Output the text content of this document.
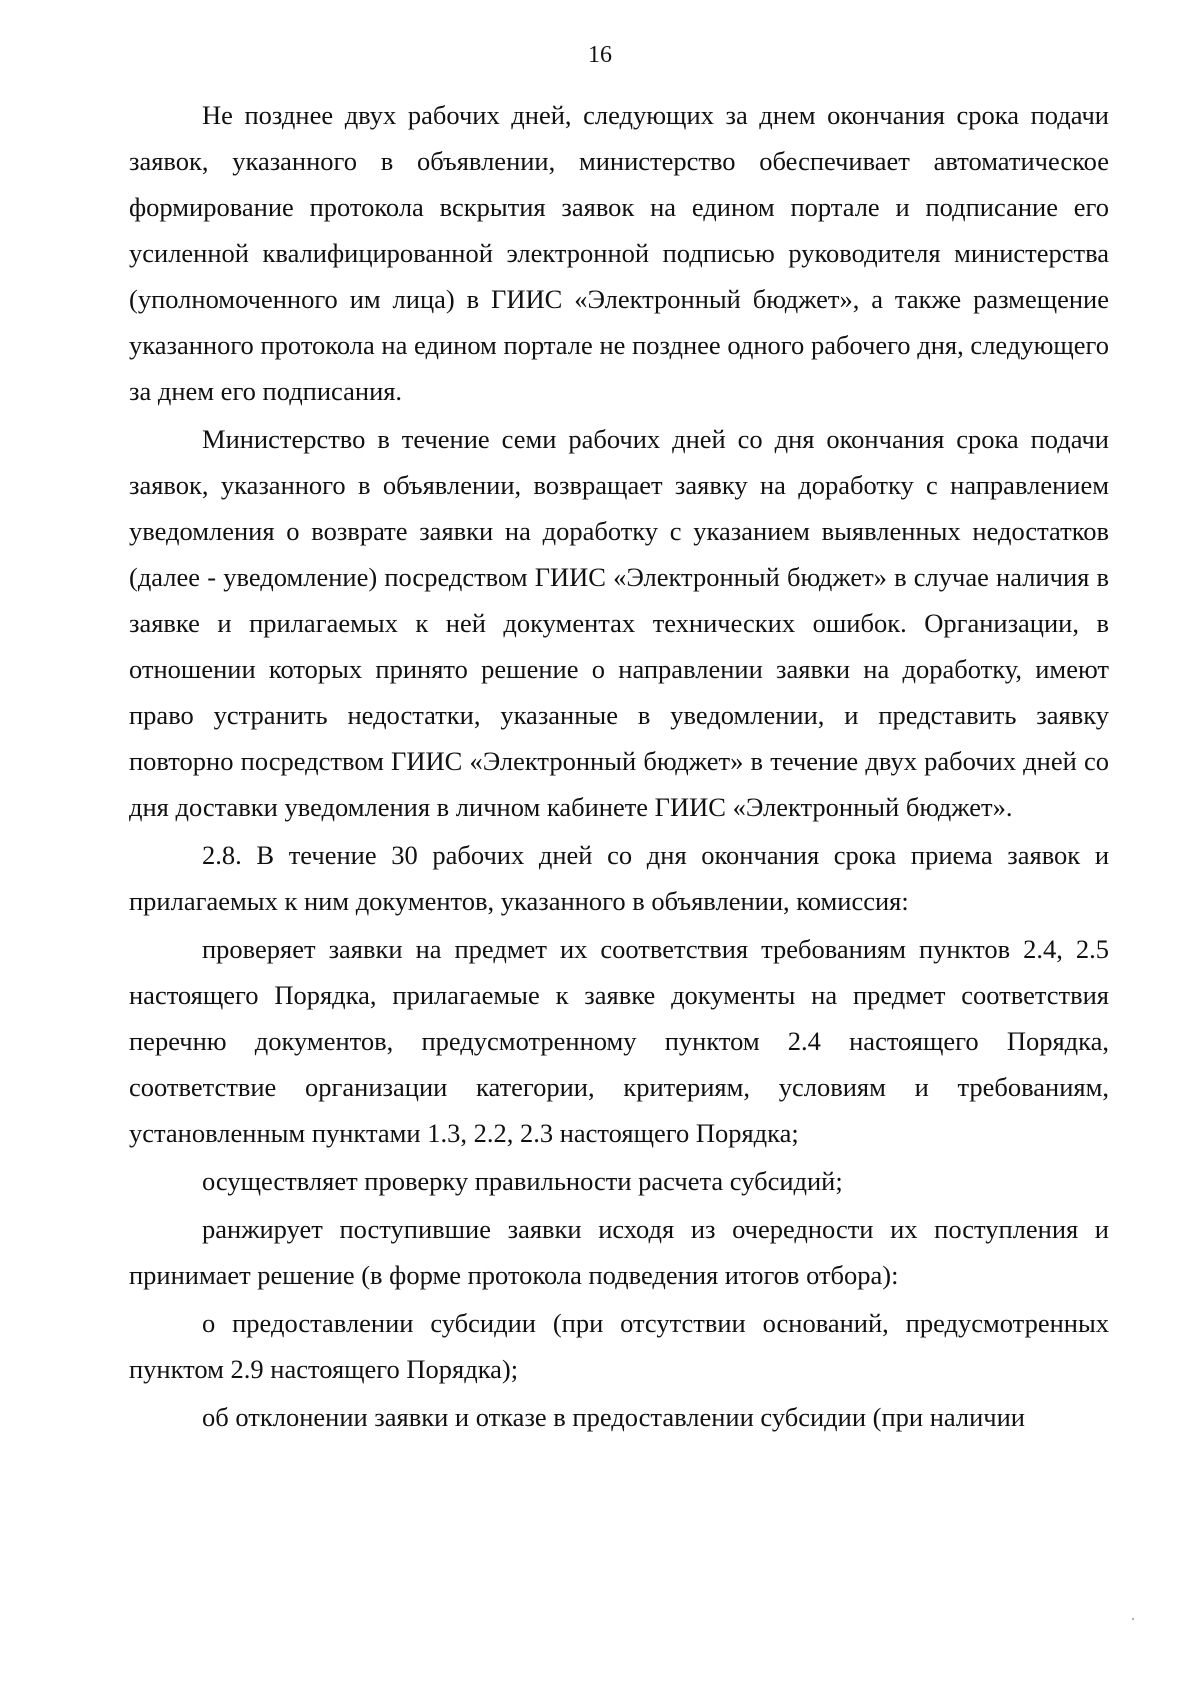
16

Не позднее двух рабочих дней, следующих за днем окончания срока подачи заявок, указанного в объявлении, министерство обеспечивает автоматическое формирование протокола вскрытия заявок на едином портале и подписание его усиленной квалифицированной электронной подписью руководителя министерства (уполномоченного им лица) в ГИИС «Электронный бюджет», а также размещение указанного протокола на едином портале не позднее одного рабочего дня, следующего за днем его подписания.

Министерство в течение семи рабочих дней со дня окончания срока подачи заявок, указанного в объявлении, возвращает заявку на доработку с направлением уведомления о возврате заявки на доработку с указанием выявленных недостатков (далее - уведомление) посредством ГИИС «Электронный бюджет» в случае наличия в заявке и прилагаемых к ней документах технических ошибок. Организации, в отношении которых принято решение о направлении заявки на доработку, имеют право устранить недостатки, указанные в уведомлении, и представить заявку повторно посредством ГИИС «Электронный бюджет» в течение двух рабочих дней со дня доставки уведомления в личном кабинете ГИИС «Электронный бюджет».

2.8. В течение 30 рабочих дней со дня окончания срока приема заявок и прилагаемых к ним документов, указанного в объявлении, комиссия:

проверяет заявки на предмет их соответствия требованиям пунктов 2.4, 2.5 настоящего Порядка, прилагаемые к заявке документы на предмет соответствия перечню документов, предусмотренному пунктом 2.4 настоящего Порядка, соответствие организации категории, критериям, условиям и требованиям, установленным пунктами 1.3, 2.2, 2.3 настоящего Порядка;

осуществляет проверку правильности расчета субсидий;

ранжирует поступившие заявки исходя из очередности их поступления и принимает решение (в форме протокола подведения итогов отбора):

о предоставлении субсидии (при отсутствии оснований, предусмотренных пунктом 2.9 настоящего Порядка);

об отклонении заявки и отказе в предоставлении субсидии (при наличии
